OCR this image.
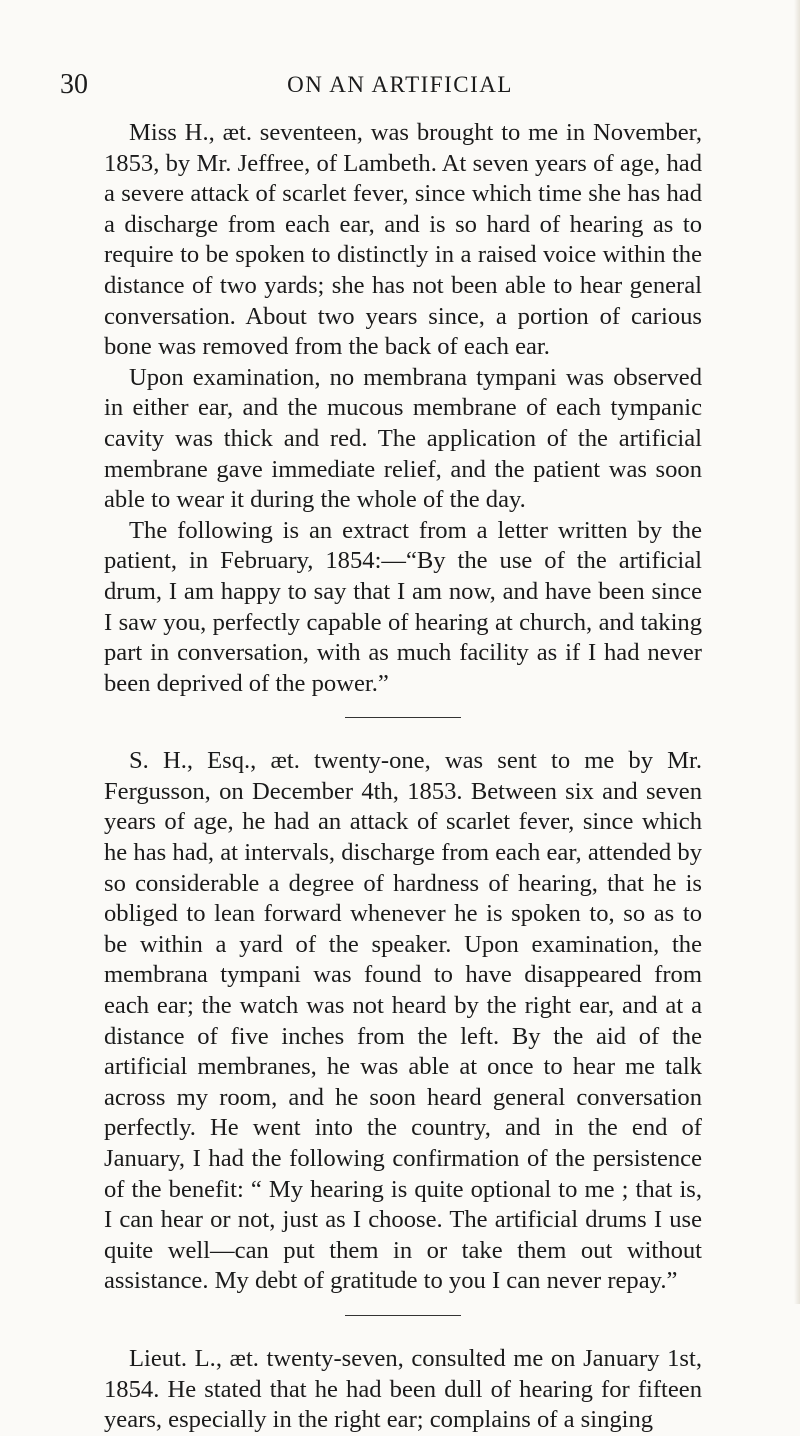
30	ON AN ARTIFICIAL

Miss H., æt. seventeen, was brought to me in November, 1853, by Mr. Jeffree, of Lambeth. At seven years of age, had a severe attack of scarlet fever, since which time she has had a discharge from each ear, and is so hard of hearing as to require to be spoken to distinctly in a raised voice within the distance of two yards; she has not been able to hear general conversation. About two years since, a portion of carious bone was removed from the back of each ear.

Upon examination, no membrana tympani was observed in either ear, and the mucous membrane of each tympanic cavity was thick and red. The application of the artificial membrane gave immediate relief, and the patient was soon able to wear it during the whole of the day.

The following is an extract from a letter written by the patient, in February, 1854:—“By the use of the artificial drum, I am happy to say that I am now, and have been since I saw you, perfectly capable of hearing at church, and taking part in conversation, with as much facility as if I had never been deprived of the power.”

S. H., Esq., æt. twenty-one, was sent to me by Mr. Fergusson, on December 4th, 1853. Between six and seven years of age, he had an attack of scarlet fever, since which he has had, at intervals, discharge from each ear, attended by so considerable a degree of hardness of hearing, that he is obliged to lean forward whenever he is spoken to, so as to be within a yard of the speaker. Upon examination, the membrana tympani was found to have disappeared from each ear; the watch was not heard by the right ear, and at a distance of five inches from the left. By the aid of the artificial membranes, he was able at once to hear me talk across my room, and he soon heard general conversation perfectly. He went into the country, and in the end of January, I had the following confirmation of the persistence of the benefit: “ My hearing is quite optional to me ; that is, I can hear or not, just as I choose. The artificial drums I use quite well—can put them in or take them out without assistance. My debt of gratitude to you I can never repay.”

Lieut. L., æt. twenty-seven, consulted me on January 1st, 1854. He stated that he had been dull of hearing for fifteen years, especially in the right ear; complains of a singing
